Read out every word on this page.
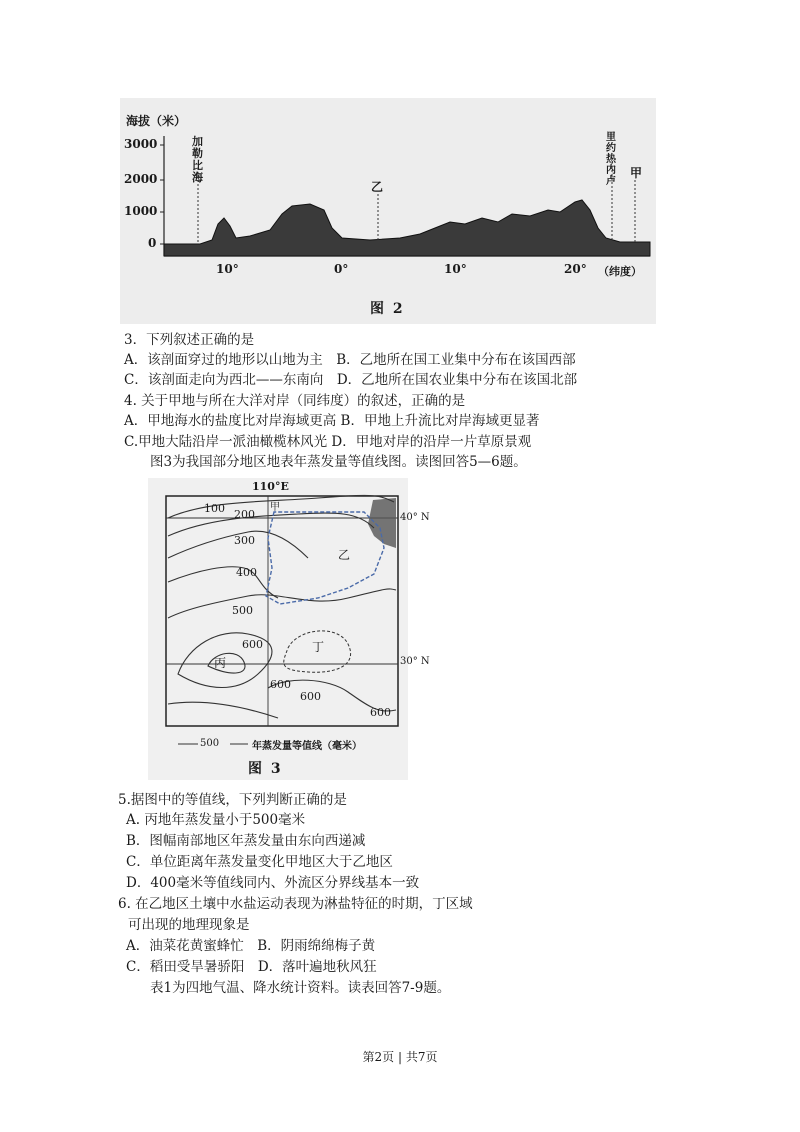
海拔（米）
3000
2000
1000
0
10°	0°	10°	20° （纬度）
加勒比海
里约热内卢
乙
甲
图 2
3．下列叙述正确的是
A．该剖面穿过的地形以山地为主　B．乙地所在国工业集中分布在该国西部
C．该剖面走向为西北——东南向　D．乙地所在国农业集中分布在该国北部
4. 关于甲地与所在大洋对岸（同纬度）的叙述，正确的是
A．甲地海水的盐度比对岸海域更高 B．甲地上升流比对岸海域更显著
C.甲地大陆沿岸一派油橄榄林风光 D．甲地对岸的沿岸一片草原景观
图3为我国部分地区地表年蒸发量等值线图。读图回答5—6题。
110°E
40° N
30° N
100 200
300
400
500
600
600
600
600
甲
乙
丙
丁
500	年蒸发量等值线（毫米）
图 3
5.据图中的等值线，下列判断正确的是
A. 丙地年蒸发量小于500毫米
B．图幅南部地区年蒸发量由东向西递减
C．单位距离年蒸发量变化甲地区大于乙地区
D．400毫米等值线同内、外流区分界线基本一致
6. 在乙地区土壤中水盐运动表现为淋盐特征的时期，丁区域
可出现的地理现象是
A．油菜花黄蜜蜂忙　B．阴雨绵绵梅子黄
C．稻田受旱暑骄阳　D．落叶遍地秋风狂
表1为四地气温、降水统计资料。读表回答7-9题。
第2页 | 共7页
